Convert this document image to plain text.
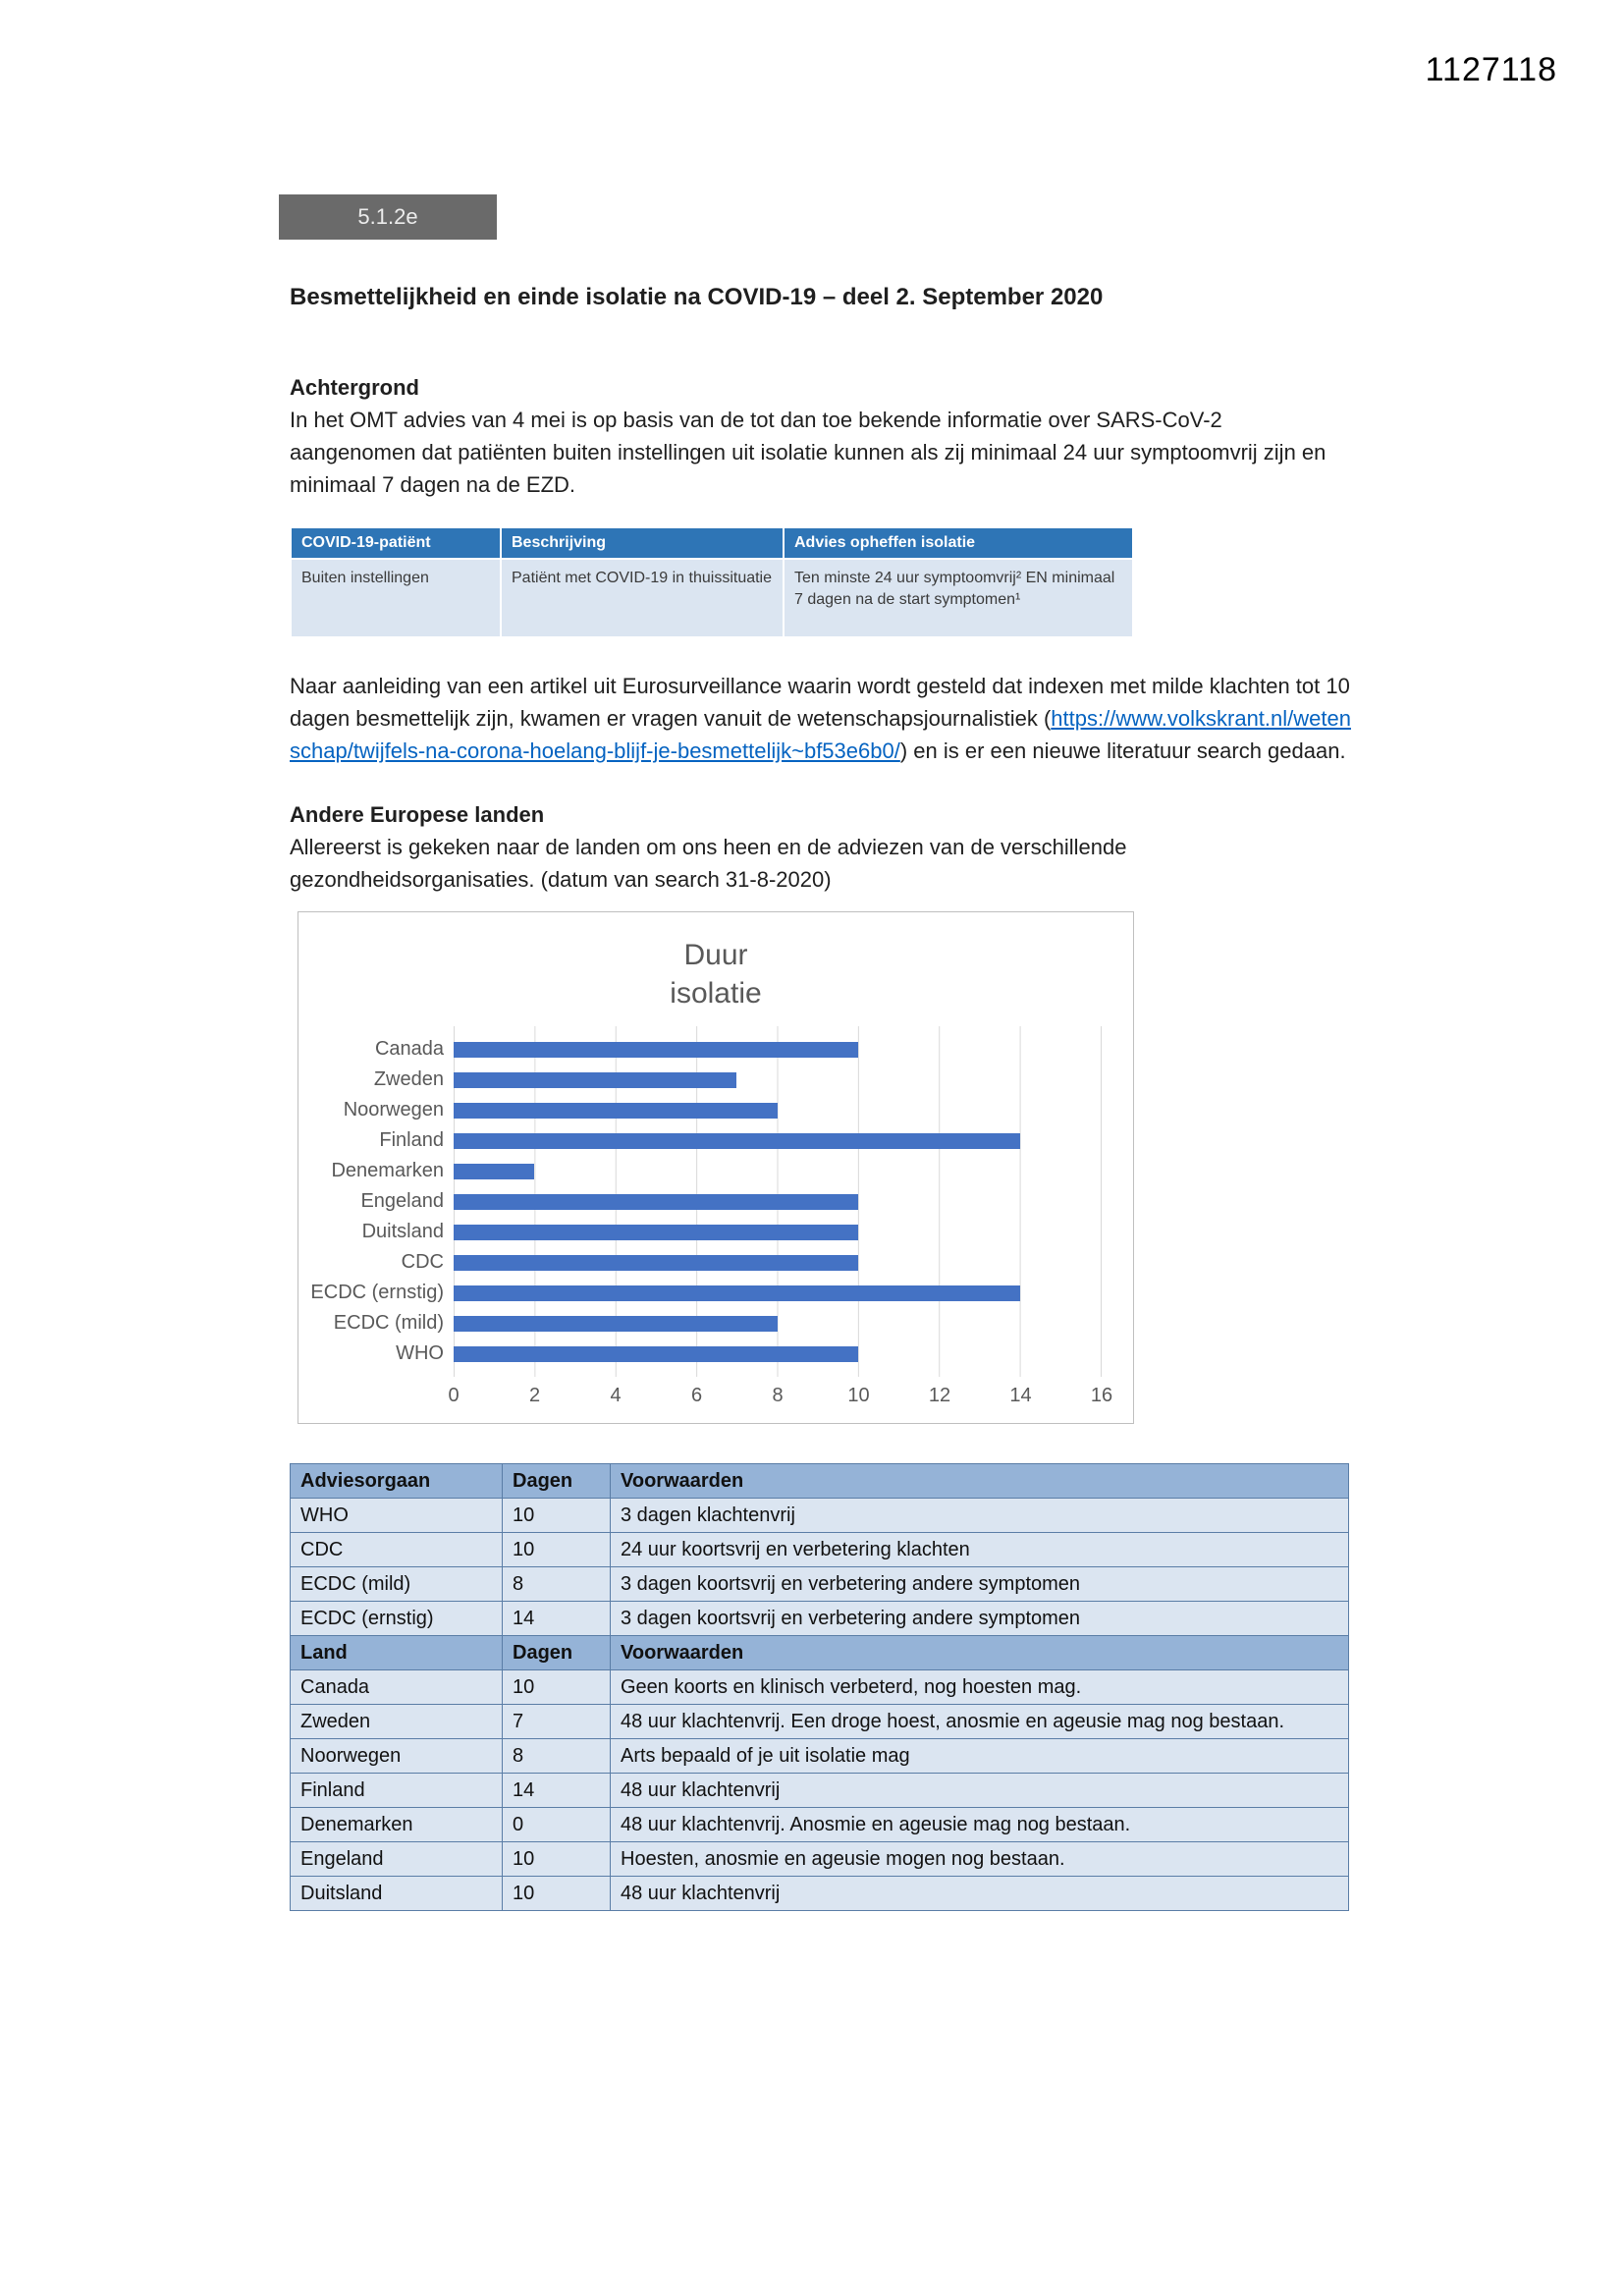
1127118
5.1.2e
Besmettelijkheid en einde isolatie na COVID-19 – deel 2. September 2020
Achtergrond

In het OMT advies van 4 mei is op basis van de tot dan toe bekende informatie over SARS-CoV-2 aangenomen dat patiënten buiten instellingen uit isolatie kunnen als zij minimaal 24 uur symptoomvrij zijn en minimaal 7 dagen na de EZD.

COVID-19-patiënt	Beschrijving	Advies opheffen isolatie
Buiten instellingen	Patiënt met COVID-19 in thuissituatie	Ten minste 24 uur symptoomvrij² EN minimaal 7 dagen na de start symptomen¹

Naar aanleiding van een artikel uit Eurosurveillance waarin wordt gesteld dat indexen met milde klachten tot 10 dagen besmettelijk zijn, kwamen er vragen vanuit de wetenschapsjournalistiek (https://www.volkskrant.nl/wetenschap/twijfels-na-corona-hoelang-blijf-je-besmettelijk~bf53e6b0/) en is er een nieuwe literatuur search gedaan.

Andere Europese landen

Allereerst is gekeken naar de landen om ons heen en de adviezen van de verschillende gezondheidsorganisaties. (datum van search 31-8-2020)

Duur
isolatie
Canada
Zweden
Noorwegen
Finland
Denemarken
Engeland
Duitsland
CDC
ECDC (ernstig)
ECDC (mild)
WHO
0	2	4	6	8	10	12	14	16
Adviesorgaan	Dagen	Voorwaarden
WHO	10	3 dagen klachtenvrij
CDC	10	24 uur koortsvrij en verbetering klachten
ECDC (mild)	8	3 dagen koortsvrij en verbetering andere symptomen
ECDC (ernstig)	14	3 dagen koortsvrij en verbetering andere symptomen
Land	Dagen	Voorwaarden
Canada	10	Geen koorts en klinisch verbeterd, nog hoesten mag.
Zweden	7	48 uur klachtenvrij. Een droge hoest, anosmie en ageusie mag nog bestaan.
Noorwegen	8	Arts bepaald of je uit isolatie mag
Finland	14	48 uur klachtenvrij
Denemarken	0	48 uur klachtenvrij. Anosmie en ageusie mag nog bestaan.
Engeland	10	Hoesten, anosmie en ageusie mogen nog bestaan.
Duitsland	10	48 uur klachtenvrij
